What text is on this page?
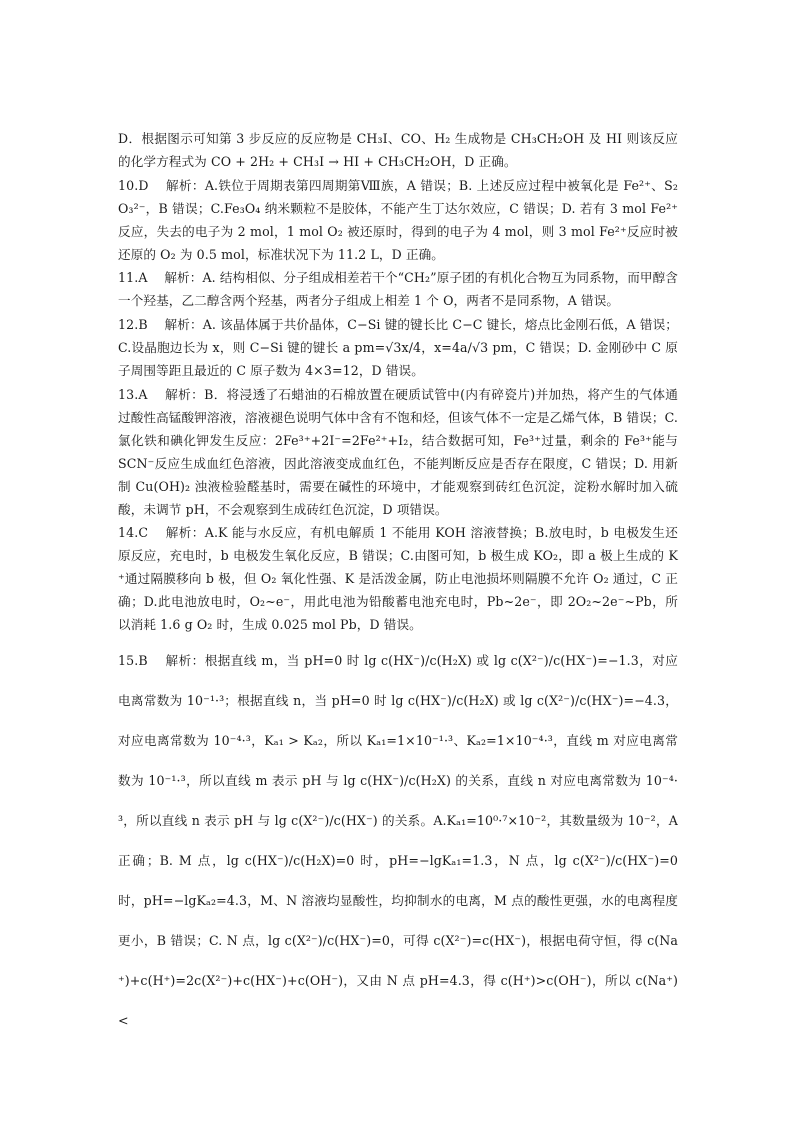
D．根据图示可知第 3 步反应的反应物是 CH₃I、CO、H₂ 生成物是 CH₃CH₂OH 及 HI 则该反应的化学方程式为 CO + 2H₂ + CH₃I → HI + CH₃CH₂OH，D 正确。

10.D　 解析：A.铁位于周期表第四周期第Ⅷ族，A 错误；B. 上述反应过程中被氧化是 Fe²⁺、S₂O₃²⁻，B 错误；C.Fe₃O₄ 纳米颗粒不是胶体，不能产生丁达尔效应，C 错误；D. 若有 3 mol Fe²⁺反应，失去的电子为 2 mol，1 mol O₂ 被还原时，得到的电子为 4 mol，则 3 mol Fe²⁺反应时被还原的 O₂ 为 0.5 mol，标准状况下为 11.2 L，D 正确。

11.A　 解析：A. 结构相似、分子组成相差若干个“CH₂”原子团的有机化合物互为同系物，而甲醇含一个羟基，乙二醇含两个羟基，两者分子组成上相差 1 个 O，两者不是同系物，A 错误。

12.B　 解析：A. 该晶体属于共价晶体，C−Si 键的键长比 C−C 键长，熔点比金刚石低，A 错误；C.设晶胞边长为 x，则 C−Si 键的键长 a pm=√3x/4，x=4a/√3 pm，C 错误；D. 金刚砂中 C 原子周围等距且最近的 C 原子数为 4×3=12，D 错误。

13.A　 解析：B．将浸透了石蜡油的石棉放置在硬质试管中(内有碎瓷片)并加热，将产生的气体通过酸性高锰酸钾溶液，溶液褪色说明气体中含有不饱和烃，但该气体不一定是乙烯气体，B 错误；C.氯化铁和碘化钾发生反应：2Fe³⁺+2I⁻=2Fe²⁺+I₂，结合数据可知，Fe³⁺过量，剩余的 Fe³⁺能与 SCN⁻反应生成血红色溶液，因此溶液变成血红色，不能判断反应是否存在限度，C 错误；D. 用新制 Cu(OH)₂ 浊液检验醛基时，需要在碱性的环境中，才能观察到砖红色沉淀，淀粉水解时加入硫酸，未调节 pH，不会观察到生成砖红色沉淀，D 项错误。

14.C　 解析：A.K 能与水反应，有机电解质 1 不能用 KOH 溶液替换；B.放电时，b 电极发生还原反应，充电时，b 电极发生氧化反应，B 错误；C.由图可知，b 极生成 KO₂，即 a 极上生成的 K⁺通过隔膜移向 b 极，但 O₂ 氧化性强、K 是活泼金属，防止电池损坏则隔膜不允许 O₂ 通过，C 正确；D.此电池放电时，O₂~e⁻，用此电池为铅酸蓄电池充电时，Pb~2e⁻，即 2O₂~2e⁻~Pb，所以消耗 1.6 g O₂ 时，生成 0.025 mol Pb，D 错误。

15.B　 解析：根据直线 m，当 pH=0 时 lg c(HX⁻)/c(H₂X) 或 lg c(X²⁻)/c(HX⁻)=−1.3，对应电离常数为 10⁻¹·³；根据直线 n，当 pH=0 时 lg c(HX⁻)/c(H₂X) 或 lg c(X²⁻)/c(HX⁻)=−4.3，对应电离常数为 10⁻⁴·³，Kₐ₁ > Kₐ₂，所以 Kₐ₁=1×10⁻¹·³、Kₐ₂=1×10⁻⁴·³，直线 m 对应电离常数为 10⁻¹·³，所以直线 m 表示 pH 与 lg c(HX⁻)/c(H₂X) 的关系，直线 n 对应电离常数为 10⁻⁴·³，所以直线 n 表示 pH 与 lg c(X²⁻)/c(HX⁻) 的关系。A.Kₐ₁=10⁰·⁷×10⁻²，其数量级为 10⁻²，A 正确；B. M 点，lg c(HX⁻)/c(H₂X)=0 时，pH=−lgKₐ₁=1.3，N 点，lg c(X²⁻)/c(HX⁻)=0 时，pH=−lgKₐ₂=4.3，M、N 溶液均显酸性，均抑制水的电离，M 点的酸性更强，水的电离程度更小，B 错误；C. N 点，lg c(X²⁻)/c(HX⁻)=0，可得 c(X²⁻)=c(HX⁻)，根据电荷守恒，得 c(Na⁺)+c(H⁺)=2c(X²⁻)+c(HX⁻)+c(OH⁻)，又由 N 点 pH=4.3，得 c(H⁺)>c(OH⁻)，所以 c(Na⁺) <
